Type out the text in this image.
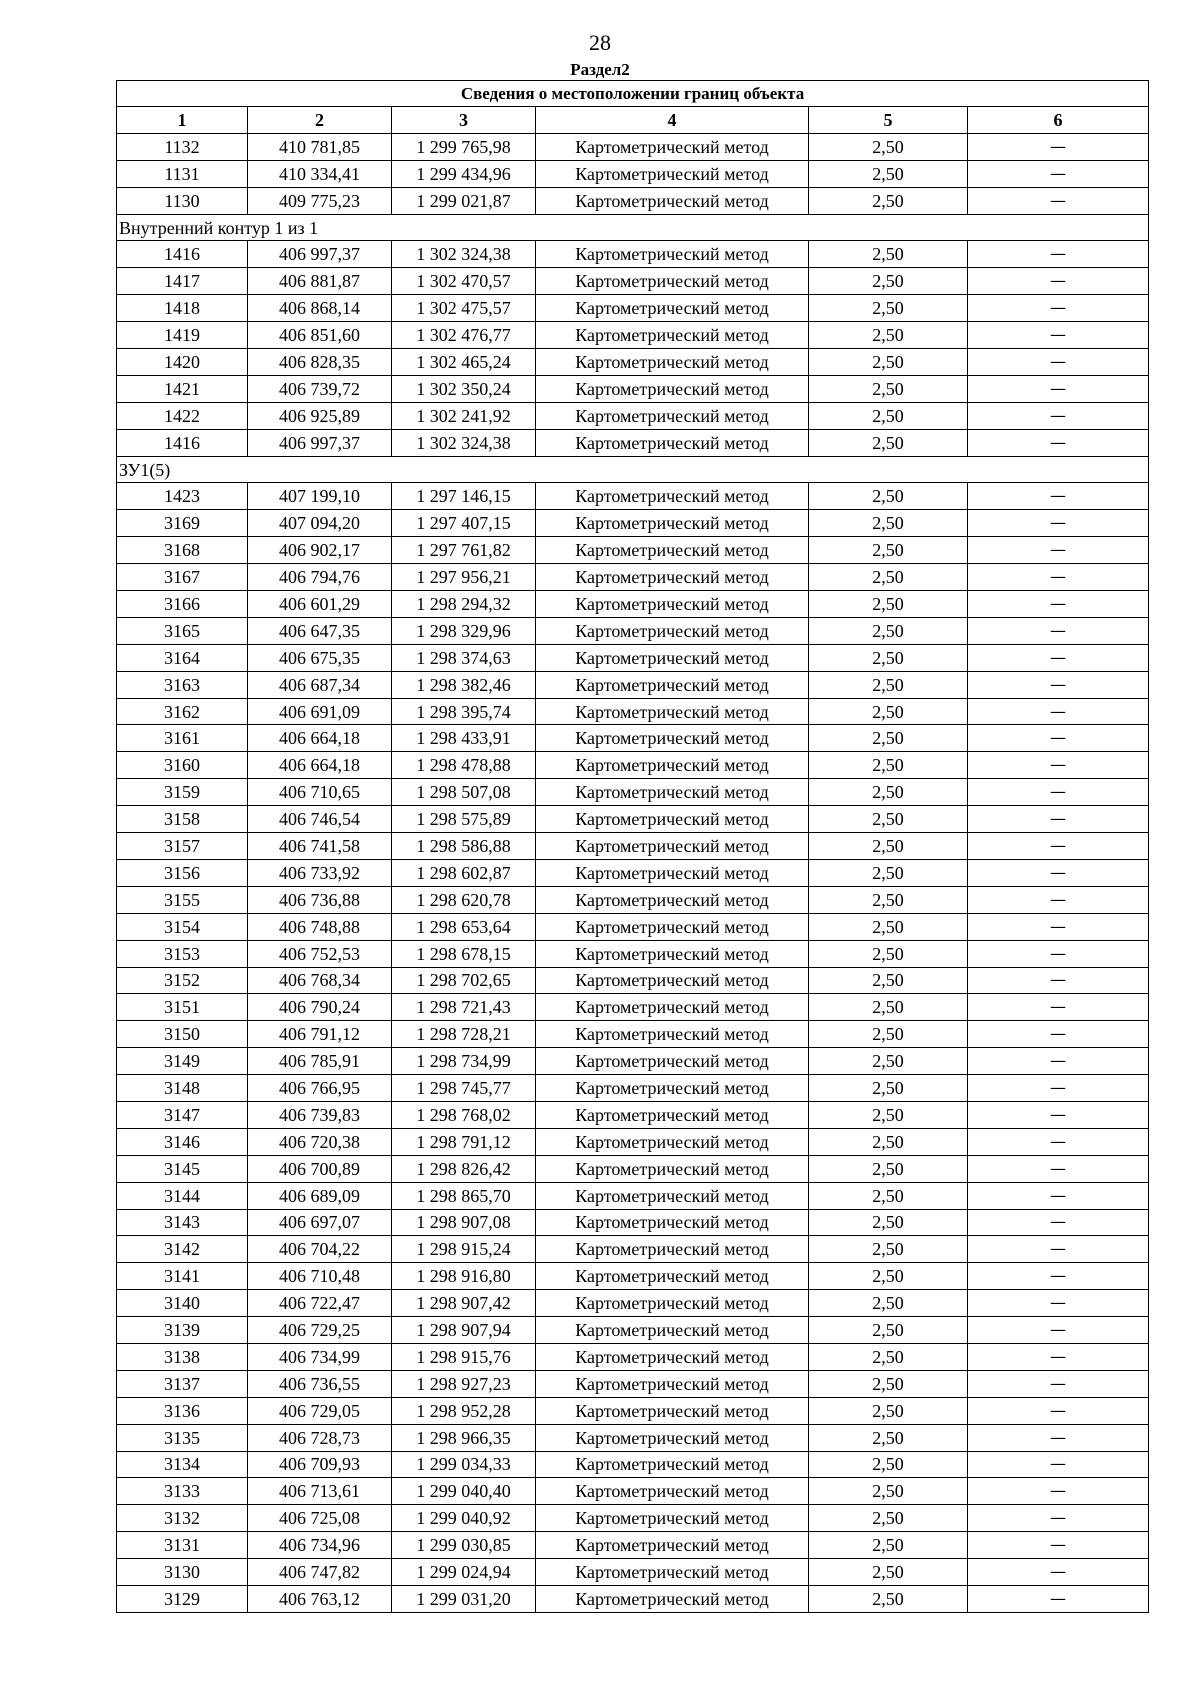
28
Раздел2
Сведения о местоположении границ объекта					
1	2	3	4	5	6
1132	410 781,85	1 299 765,98	Картометрический метод	2,50	—
1131	410 334,41	1 299 434,96	Картометрический метод	2,50	—
1130	409 775,23	1 299 021,87	Картометрический метод	2,50	—
Внутренний контур 1 из 1					
1416	406 997,37	1 302 324,38	Картометрический метод	2,50	—
1417	406 881,87	1 302 470,57	Картометрический метод	2,50	—
1418	406 868,14	1 302 475,57	Картометрический метод	2,50	—
1419	406 851,60	1 302 476,77	Картометрический метод	2,50	—
1420	406 828,35	1 302 465,24	Картометрический метод	2,50	—
1421	406 739,72	1 302 350,24	Картометрический метод	2,50	—
1422	406 925,89	1 302 241,92	Картометрический метод	2,50	—
1416	406 997,37	1 302 324,38	Картометрический метод	2,50	—
ЗУ1(5)					
1423	407 199,10	1 297 146,15	Картометрический метод	2,50	—
3169	407 094,20	1 297 407,15	Картометрический метод	2,50	—
3168	406 902,17	1 297 761,82	Картометрический метод	2,50	—
3167	406 794,76	1 297 956,21	Картометрический метод	2,50	—
3166	406 601,29	1 298 294,32	Картометрический метод	2,50	—
3165	406 647,35	1 298 329,96	Картометрический метод	2,50	—
3164	406 675,35	1 298 374,63	Картометрический метод	2,50	—
3163	406 687,34	1 298 382,46	Картометрический метод	2,50	—
3162	406 691,09	1 298 395,74	Картометрический метод	2,50	—
3161	406 664,18	1 298 433,91	Картометрический метод	2,50	—
3160	406 664,18	1 298 478,88	Картометрический метод	2,50	—
3159	406 710,65	1 298 507,08	Картометрический метод	2,50	—
3158	406 746,54	1 298 575,89	Картометрический метод	2,50	—
3157	406 741,58	1 298 586,88	Картометрический метод	2,50	—
3156	406 733,92	1 298 602,87	Картометрический метод	2,50	—
3155	406 736,88	1 298 620,78	Картометрический метод	2,50	—
3154	406 748,88	1 298 653,64	Картометрический метод	2,50	—
3153	406 752,53	1 298 678,15	Картометрический метод	2,50	—
3152	406 768,34	1 298 702,65	Картометрический метод	2,50	—
3151	406 790,24	1 298 721,43	Картометрический метод	2,50	—
3150	406 791,12	1 298 728,21	Картометрический метод	2,50	—
3149	406 785,91	1 298 734,99	Картометрический метод	2,50	—
3148	406 766,95	1 298 745,77	Картометрический метод	2,50	—
3147	406 739,83	1 298 768,02	Картометрический метод	2,50	—
3146	406 720,38	1 298 791,12	Картометрический метод	2,50	—
3145	406 700,89	1 298 826,42	Картометрический метод	2,50	—
3144	406 689,09	1 298 865,70	Картометрический метод	2,50	—
3143	406 697,07	1 298 907,08	Картометрический метод	2,50	—
3142	406 704,22	1 298 915,24	Картометрический метод	2,50	—
3141	406 710,48	1 298 916,80	Картометрический метод	2,50	—
3140	406 722,47	1 298 907,42	Картометрический метод	2,50	—
3139	406 729,25	1 298 907,94	Картометрический метод	2,50	—
3138	406 734,99	1 298 915,76	Картометрический метод	2,50	—
3137	406 736,55	1 298 927,23	Картометрический метод	2,50	—
3136	406 729,05	1 298 952,28	Картометрический метод	2,50	—
3135	406 728,73	1 298 966,35	Картометрический метод	2,50	—
3134	406 709,93	1 299 034,33	Картометрический метод	2,50	—
3133	406 713,61	1 299 040,40	Картометрический метод	2,50	—
3132	406 725,08	1 299 040,92	Картометрический метод	2,50	—
3131	406 734,96	1 299 030,85	Картометрический метод	2,50	—
3130	406 747,82	1 299 024,94	Картометрический метод	2,50	—
3129	406 763,12	1 299 031,20	Картометрический метод	2,50	—
